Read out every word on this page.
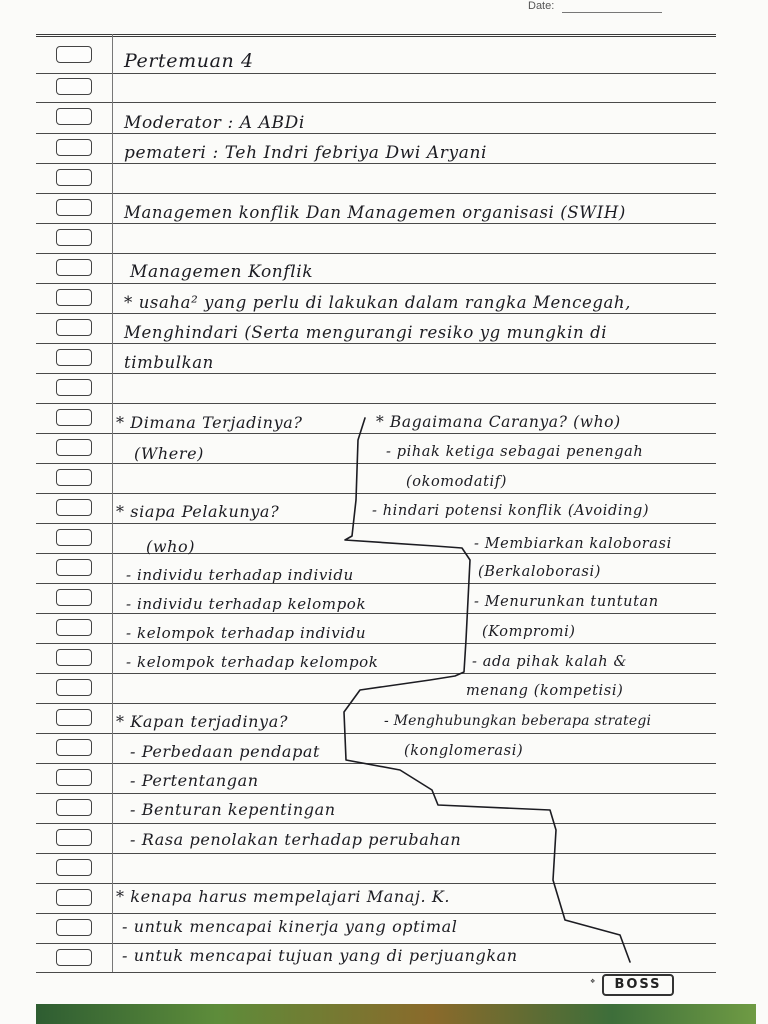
Date:
Pertemuan 4
Moderator : A ABDi
pemateri : Teh Indri febriya Dwi Aryani
Managemen konflik Dan Managemen organisasi (SWIH)
Managemen Konflik
* usaha² yang perlu di lakukan dalam rangka Mencegah,
Menghindari (Serta mengurangi resiko yg mungkin di
timbulkan
* Dimana Terjadinya?
(Where)
* siapa Pelakunya?
(who)
- individu terhadap individu
- individu terhadap kelompok
- kelompok terhadap individu
- kelompok terhadap kelompok
* Bagaimana Caranya? (who)
- pihak ketiga sebagai penengah
(okomodatif)
- hindari potensi konflik (Avoiding)
- Membiarkan kaloborasi
(Berkaloborasi)
- Menurunkan tuntutan
(Kompromi)
- ada pihak kalah &
menang (kompetisi)
- Menghubungkan beberapa strategi
(konglomerasi)
* Kapan terjadinya?
- Perbedaan pendapat
- Pertentangan
- Benturan kepentingan
- Rasa penolakan terhadap perubahan
* kenapa harus mempelajari Manaj. K.
- untuk mencapai kinerja yang optimal
- untuk mencapai tujuan yang di perjuangkan
❖	BOSS
